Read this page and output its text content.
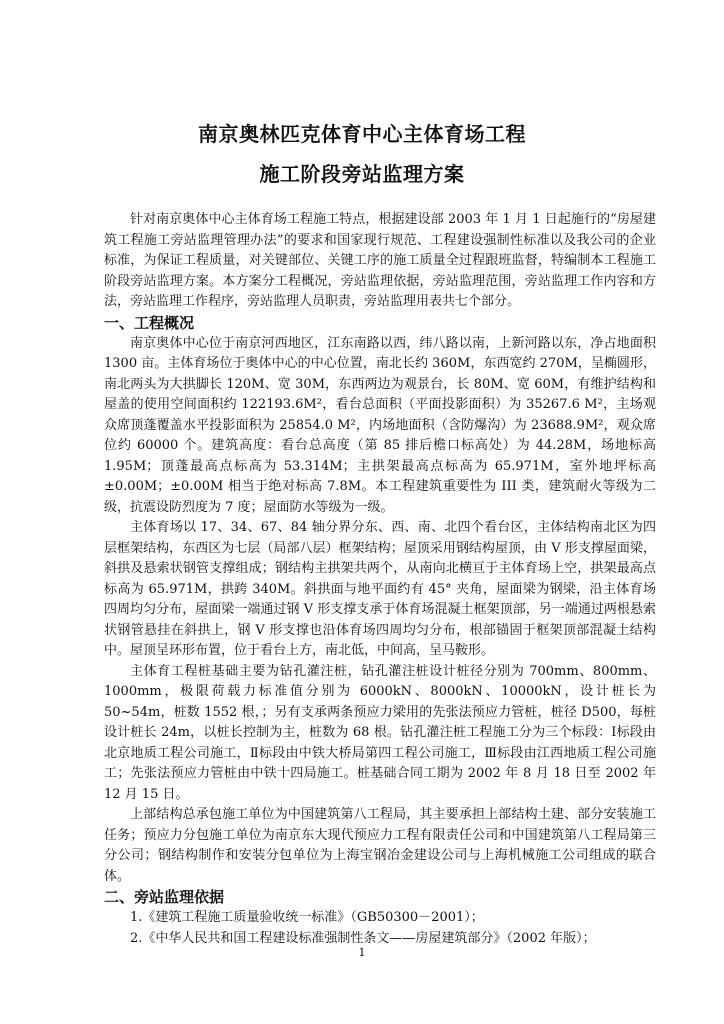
南京奥林匹克体育中心主体育场工程
施工阶段旁站监理方案

针对南京奥体中心主体育场工程施工特点，根据建设部 2003 年 1 月 1 日起施行的“房屋建筑工程施工旁站监理管理办法”的要求和国家现行规范、工程建设强制性标准以及我公司的企业标准，为保证工程质量，对关键部位、关键工序的施工质量全过程跟班监督，特编制本工程施工阶段旁站监理方案。本方案分工程概况，旁站监理依据，旁站监理范围，旁站监理工作内容和方法，旁站监理工作程序，旁站监理人员职责，旁站监理用表共七个部分。

一、工程概况

南京奥体中心位于南京河西地区，江东南路以西，纬八路以南，上新河路以东，净占地面积 1300 亩。主体育场位于奥体中心的中心位置，南北长约 360M，东西宽约 270M，呈椭圆形，南北两头为大拱脚长 120M、宽 30M，东西两边为观景台，长 80M、宽 60M，有维护结构和屋盖的使用空间面积约 122193.6M²，看台总面积（平面投影面积）为 35267.6 M²，主场观众席顶蓬覆盖水平投影面积为 25854.0 M²，内场地面积（含防爆沟）为 23688.9M²，观众席位约 60000 个。建筑高度：看台总高度（第 85 排后檐口标高处）为 44.28M，场地标高 1.95M；顶蓬最高点标高为 53.314M；主拱架最高点标高为 65.971M，室外地坪标高±0.00M；±0.00M 相当于绝对标高 7.8M。本工程建筑重要性为 III 类，建筑耐火等级为二级，抗震设防烈度为 7 度；屋面防水等级为一级。

主体育场以 17、34、67、84 轴分界分东、西、南、北四个看台区，主体结构南北区为四层框架结构，东西区为七层（局部八层）框架结构；屋顶采用钢结构屋顶，由 V 形支撑屋面梁，斜拱及悬索状钢管支撑组成；钢结构主拱架共两个，从南向北横亘于主体育场上空，拱架最高点标高为 65.971M，拱跨 340M。斜拱面与地平面约有 45° 夹角，屋面梁为钢梁，沿主体育场四周均匀分布，屋面梁一端通过钢 V 形支撑支承于体育场混凝土框架顶部，另一端通过两根悬索状钢管悬挂在斜拱上，钢 V 形支撑也沿体育场四周均匀分布，根部锚固于框架顶部混凝土结构中。屋顶呈环形布置，位于看台上方，南北低，中间高，呈马鞍形。

主体育工程桩基础主要为钻孔灌注桩，钻孔灌注桩设计桩径分别为 700mm、800mm、1000mm，极限荷载力标准值分别为 6000kN、8000kN、10000kN，设计桩长为 50~54m，桩数 1552 根，；另有支承两条预应力梁用的先张法预应力管桩，桩径 D500，每桩设计桩长 24m，以桩长控制为主，桩数为 68 根。钻孔灌注桩工程施工分为三个标段：Ⅰ标段由北京地质工程公司施工，Ⅱ标段由中铁大桥局第四工程公司施工，Ⅲ标段由江西地质工程公司施工；先张法预应力管桩由中铁十四局施工。桩基础合同工期为 2002 年 8 月 18 日至 2002 年 12 月 15 日。

上部结构总承包施工单位为中国建筑第八工程局，其主要承担上部结构土建、部分安装施工任务；预应力分包施工单位为南京东大现代预应力工程有限责任公司和中国建筑第八工程局第三分公司；钢结构制作和安装分包单位为上海宝钢冶金建设公司与上海机械施工公司组成的联合体。

二、旁站监理依据

1.《建筑工程施工质量验收统一标准》（GB50300－2001）；

2.《中华人民共和国工程建设标准强制性条文——房屋建筑部分》（2002 年版）；

1
